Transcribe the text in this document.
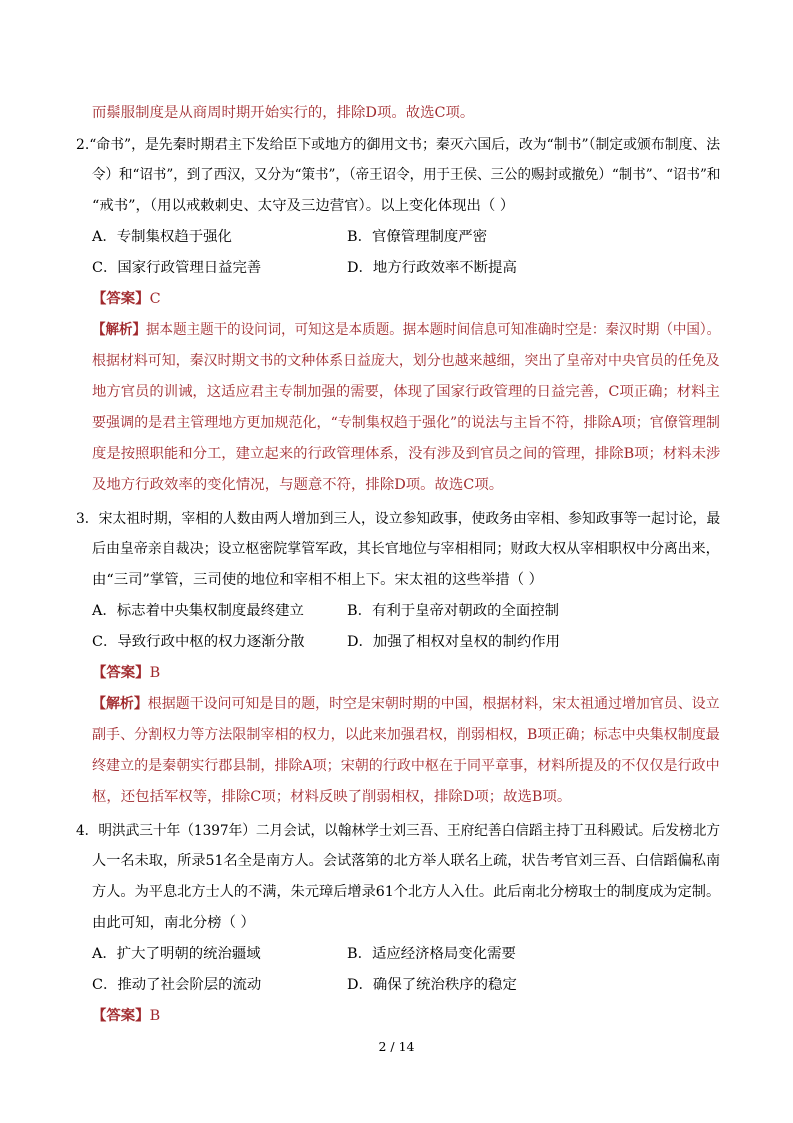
而鬃服制度是从商周时期开始实行的，排除D项。故选C项。
2.“命书”，是先秦时期君主下发给臣下或地方的御用文书；秦灭六国后，改为“制书”（制定或颁布制度、法
令）和“诏书”，到了西汉，又分为“策书”，（帝王诏令，用于王侯、三公的赐封或撤免）“制书”、“诏书”和
“戒书”，（用以戒敕刺史、太守及三边营官）。以上变化体现出（ ）
A．专制集权趋于强化	B．官僚管理制度严密
C．国家行政管理日益完善	D．地方行政效率不断提高
【答案】C
【解析】据本题主题干的设问词，可知这是本质题。据本题时间信息可知准确时空是：秦汉时期（中国）。
根据材料可知，秦汉时期文书的文种体系日益庞大，划分也越来越细，突出了皇帝对中央官员的任免及
地方官员的训诫，这适应君主专制加强的需要，体现了国家行政管理的日益完善，C项正确；材料主
要强调的是君主管理地方更加规范化，“专制集权趋于强化”的说法与主旨不符，排除A项；官僚管理制
度是按照职能和分工，建立起来的行政管理体系，没有涉及到官员之间的管理，排除B项；材料未涉
及地方行政效率的变化情况，与题意不符，排除D项。故选C项。
3．宋太祖时期，宰相的人数由两人增加到三人，设立参知政事，使政务由宰相、参知政事等一起讨论，最
后由皇帝亲自裁决；设立枢密院掌管军政，其长官地位与宰相相同；财政大权从宰相职权中分离出来，
由“三司”掌管，三司使的地位和宰相不相上下。宋太祖的这些举措（ ）
A．标志着中央集权制度最终建立	B．有利于皇帝对朝政的全面控制
C．导致行政中枢的权力逐渐分散	D．加强了相权对皇权的制约作用
【答案】B
【解析】根据题干设问可知是目的题，时空是宋朝时期的中国，根据材料，宋太祖通过增加官员、设立
副手、分割权力等方法限制宰相的权力，以此来加强君权，削弱相权，B项正确；标志中央集权制度最
终建立的是秦朝实行郡县制，排除A项；宋朝的行政中枢在于同平章事，材料所提及的不仅仅是行政中
枢，还包括军权等，排除C项；材料反映了削弱相权，排除D项；故选B项。
4．明洪武三十年（1397年）二月会试，以翰林学士刘三吾、王府纪善白信蹈主持丁丑科殿试。后发榜北方
人一名未取，所录51名全是南方人。会试落第的北方举人联名上疏，状告考官刘三吾、白信蹈偏私南
方人。为平息北方士人的不满，朱元璋后增录61个北方人入仕。此后南北分榜取士的制度成为定制。
由此可知，南北分榜（ ）
A．扩大了明朝的统治疆域	B．适应经济格局变化需要
C．推动了社会阶层的流动	D．确保了统治秩序的稳定
【答案】B
2 / 14
